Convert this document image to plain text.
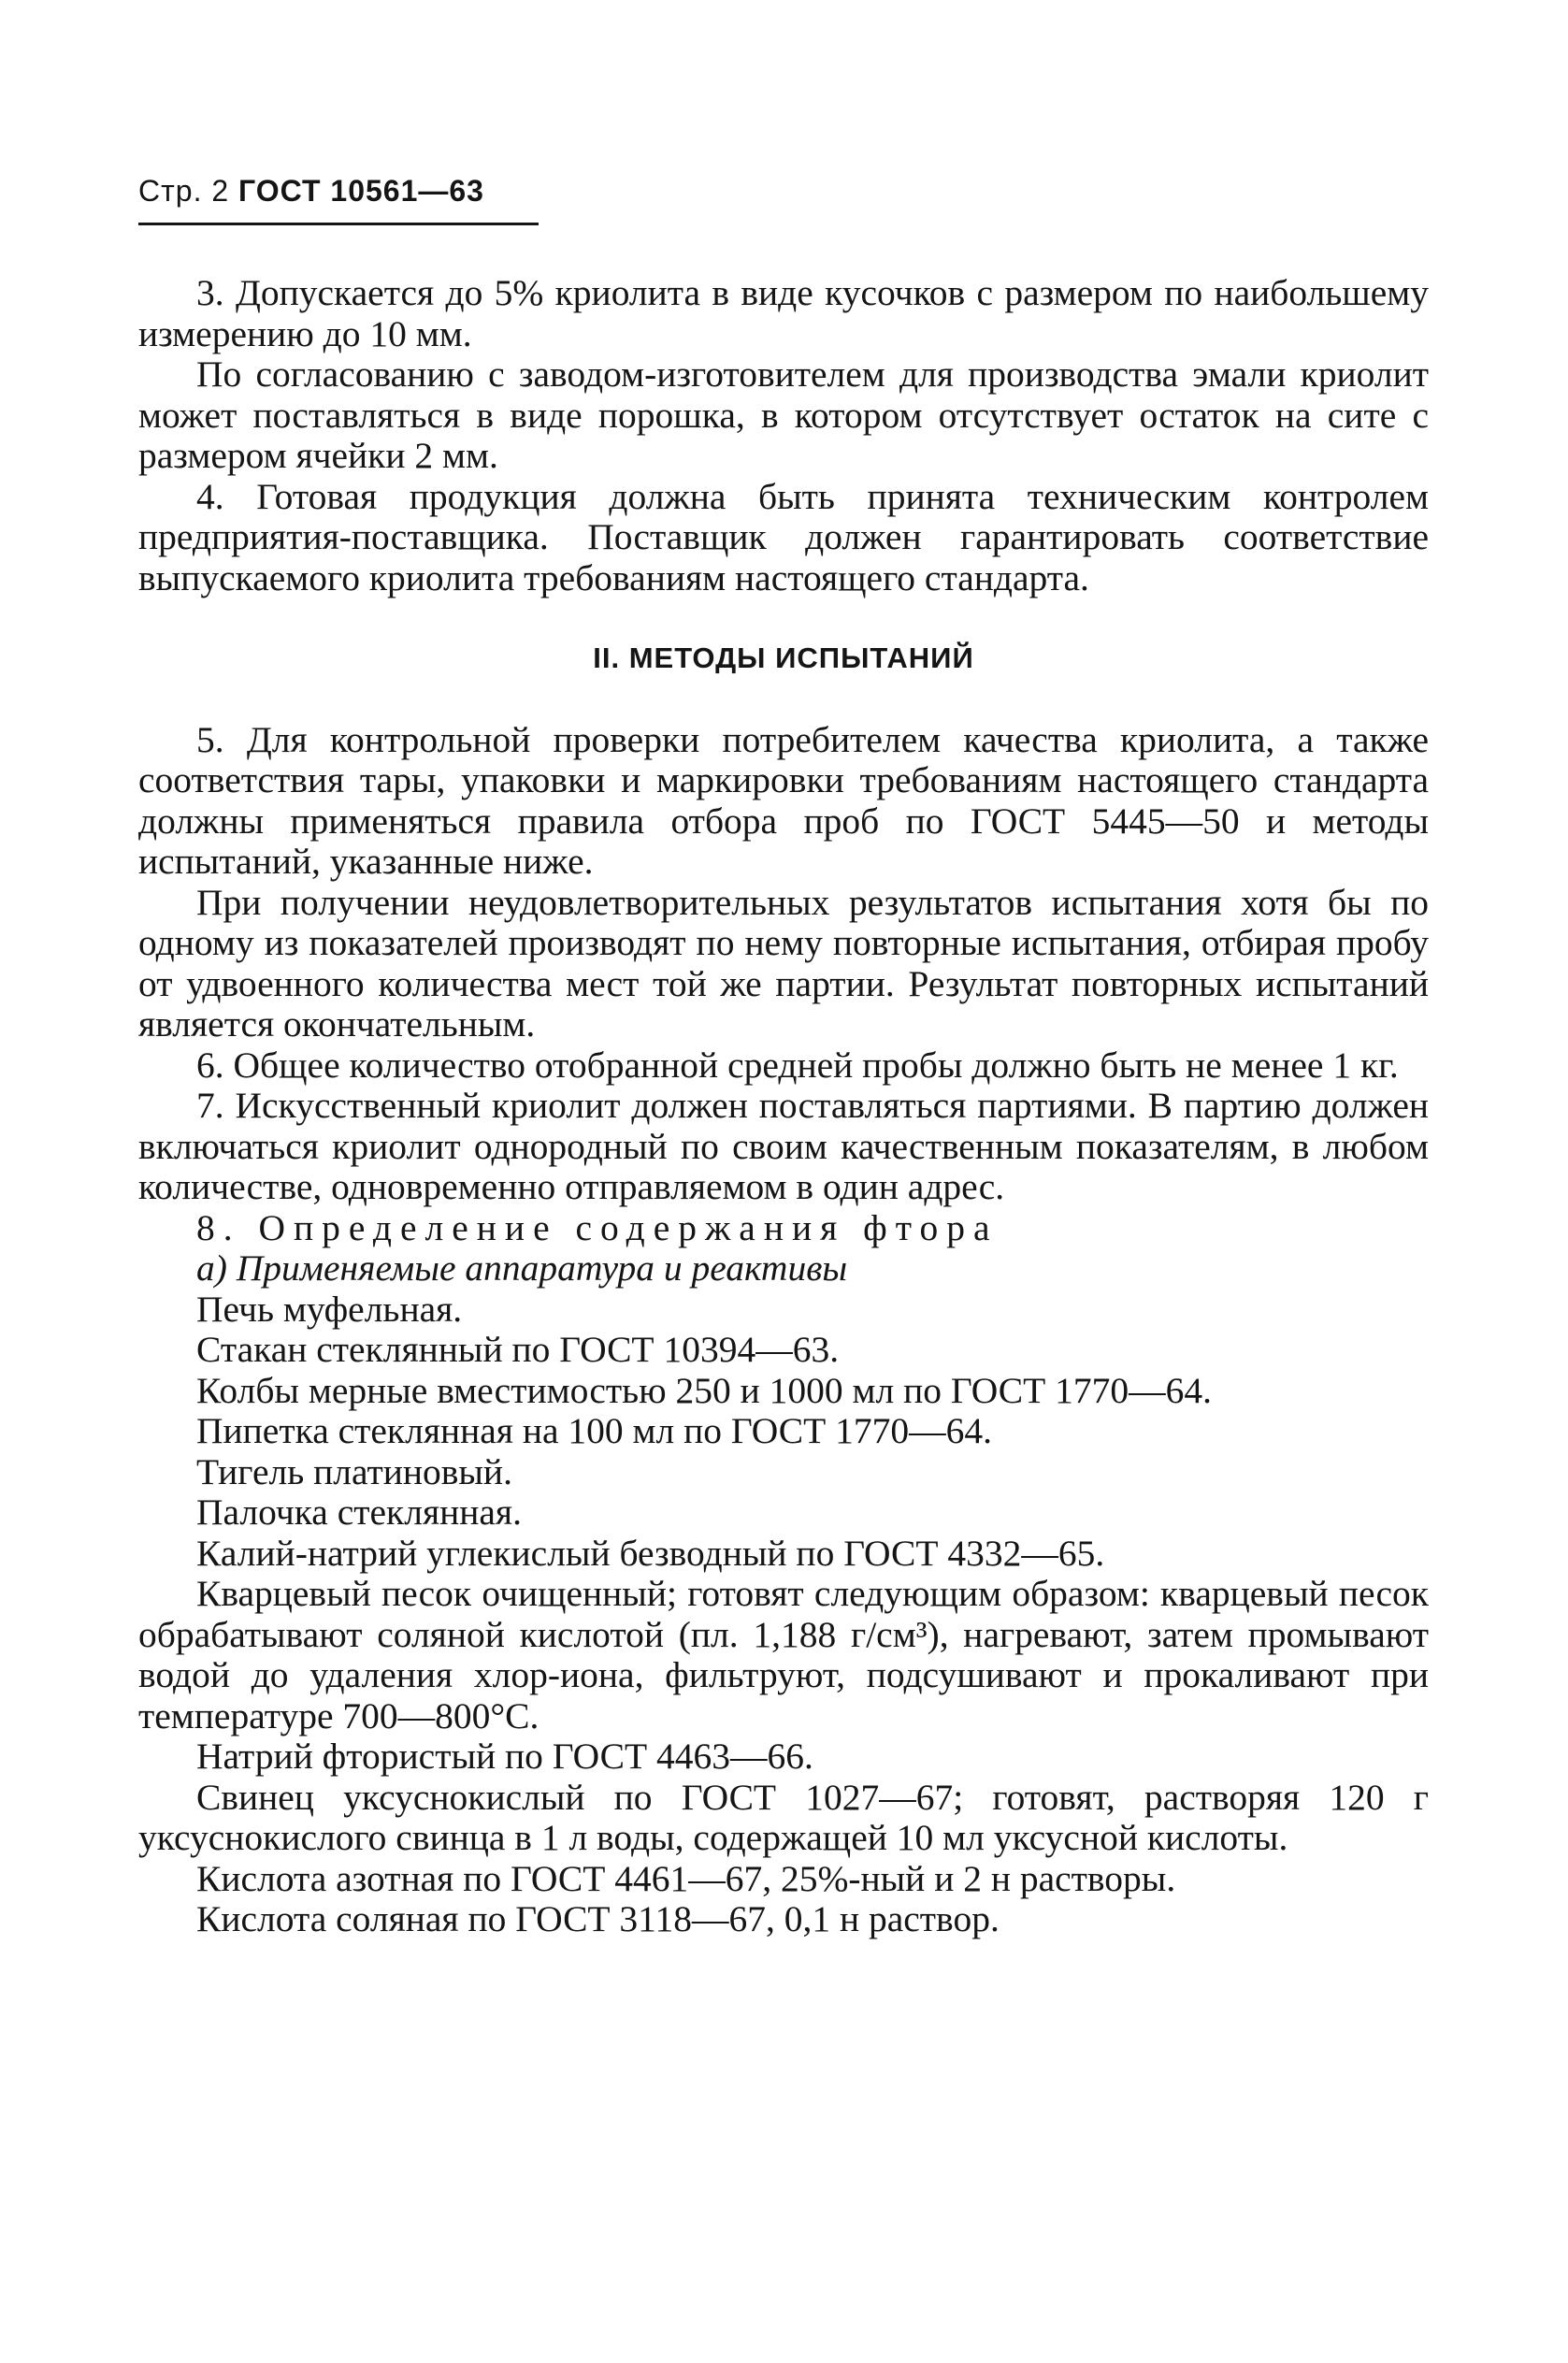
Стр. 2 ГОСТ 10561—63

3. Допускается до 5% криолита в виде кусочков с размером по наибольшему измерению до 10 мм.

По согласованию с заводом-изготовителем для производства эмали криолит может поставляться в виде порошка, в котором отсутствует остаток на сите с размером ячейки 2 мм.

4. Готовая продукция должна быть принята техническим контролем предприятия-поставщика. Поставщик должен гарантировать соответствие выпускаемого криолита требованиям настоящего стандарта.

II. МЕТОДЫ ИСПЫТАНИЙ

5. Для контрольной проверки потребителем качества криолита, а также соответствия тары, упаковки и маркировки требованиям настоящего стандарта должны применяться правила отбора проб по ГОСТ 5445—50 и методы испытаний, указанные ниже.

При получении неудовлетворительных результатов испытания хотя бы по одному из показателей производят по нему повторные испытания, отбирая пробу от удвоенного количества мест той же партии. Результат повторных испытаний является окончательным.

6. Общее количество отобранной средней пробы должно быть не менее 1 кг.

7. Искусственный криолит должен поставляться партиями. В партию должен включаться криолит однородный по своим качественным показателям, в любом количестве, одновременно отправляемом в один адрес.

8. Определение содержания фтора

а) Применяемые аппаратура и реактивы

Печь муфельная.

Стакан стеклянный по ГОСТ 10394—63.

Колбы мерные вместимостью 250 и 1000 мл по ГОСТ 1770—64.

Пипетка стеклянная на 100 мл по ГОСТ 1770—64.

Тигель платиновый.

Палочка стеклянная.

Калий-натрий углекислый безводный по ГОСТ 4332—65.

Кварцевый песок очищенный; готовят следующим образом: кварцевый песок обрабатывают соляной кислотой (пл. 1,188 г/см³), нагревают, затем промывают водой до удаления хлор-иона, фильтруют, подсушивают и прокаливают при температуре 700—800°С.

Натрий фтористый по ГОСТ 4463—66.

Свинец уксуснокислый по ГОСТ 1027—67; готовят, растворяя 120 г уксуснокислого свинца в 1 л воды, содержащей 10 мл уксусной кислоты.

Кислота азотная по ГОСТ 4461—67, 25%-ный и 2 н растворы.

Кислота соляная по ГОСТ 3118—67, 0,1 н раствор.
